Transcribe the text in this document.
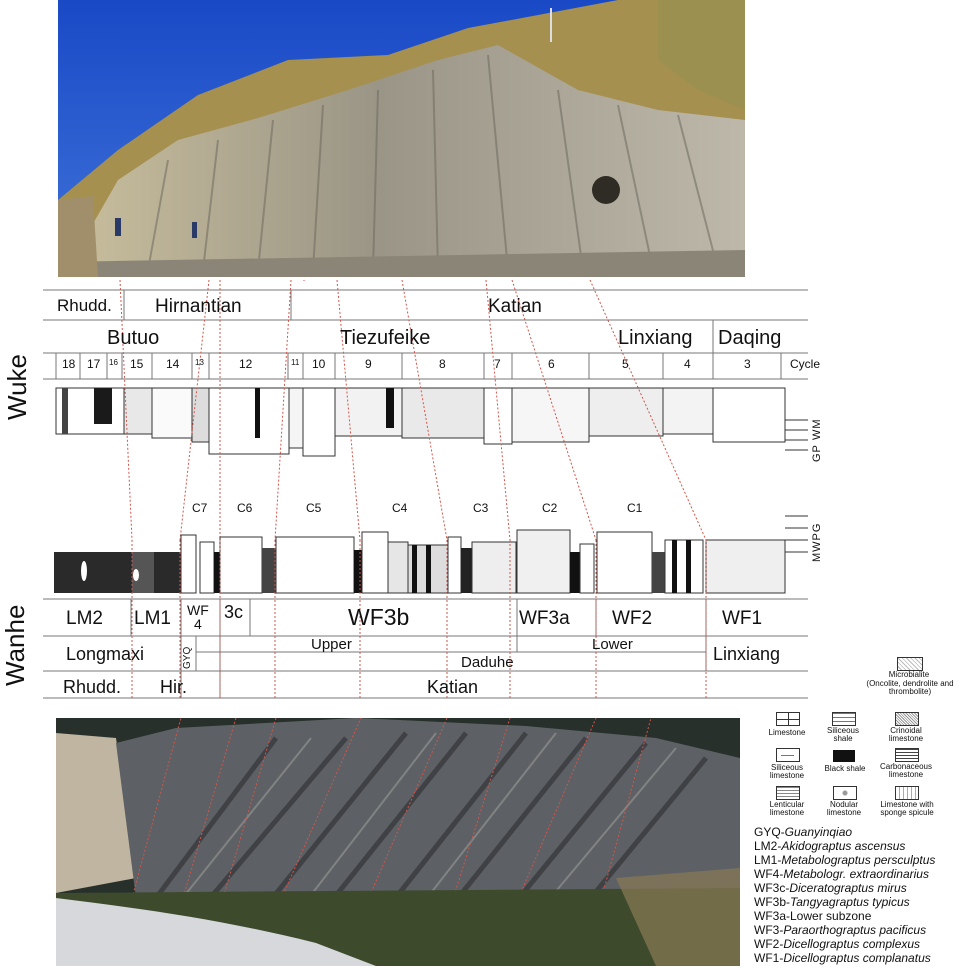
Wuke
Rhudd. Hirnantian	Katian
Butuo	Tiezufeike	Linxiang Daqing
18 17 16 15 14 13	12	11 10	9	8	7	6	5	4	3	Cycle
GP WM
C7 C6	C5	C4	C3	C2	C1
MWPG
Wanhe LM2 LM1 WF
4
3c	WF3b	WF3a WF2	WF1
Upper	Lower
Longmaxi	GYQ	Daduhe	Linxiang
Rhudd. Hir.	Katian
Microbialite
(Oncolite, dendrolite and thrombolite)
Limestone	Siliceous shale
Crinoidal limestone
Siliceous limestone
Black shale	Carbonaceous limestone
Lenticular limestone
Nodular limestone
Limestone with sponge spicule
GYQ-Guanyinqiao
LM2-Akidograptus ascensus
LM1-Metabolograptus persculptus
WF4-Metabologr. extraordinarius
WF3c-Diceratograptus mirus
WF3b-Tangyagraptus typicus
WF3a-Lower subzone
WF3-Paraorthograptus pacificus
WF2-Dicellograptus complexus
WF1-Dicellograptus complanatus
